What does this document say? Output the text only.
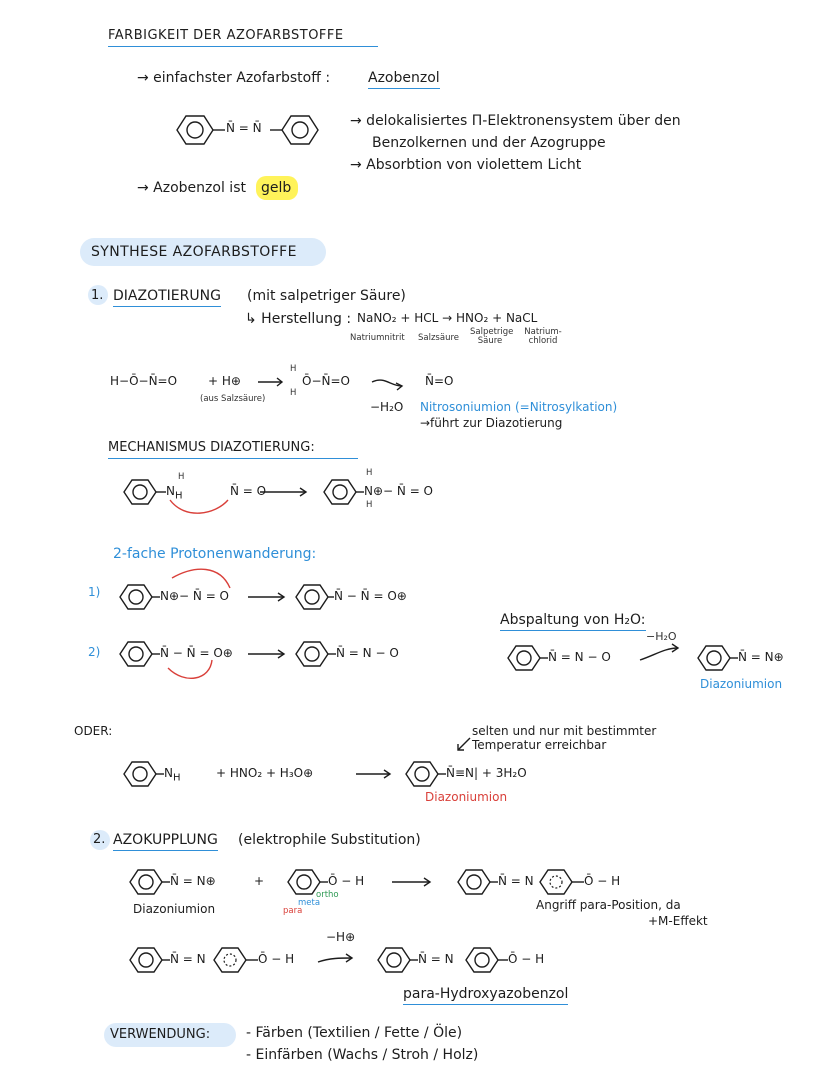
FARBIGKEIT DER AZOFARBSTOFFE
→ einfachster Azofarbstoff :	Azobenzol
N̄ = N̄	→ delokalisiertes Π-Elektronensystem über den
Benzolkernen und der Azogruppe
→ Absorbtion von violettem Licht
→ Azobenzol ist gelb
SYNTHESE AZOFARBSTOFFE
1. DIAZOTIERUNG (mit salpetriger Säure)
↳ Herstellung : NaNO₂ + HCL → HNO₂ + NaCL
Natriumnitrit Salzsäure
Salpetrige Säure
Natrium-chlorid
H−Ō−N̄=O	+ H⊕
(aus Salzsäure)
H
H
Ō−N̄=O
−H₂O
N̄=O
Nitrosoniumion (=Nitrosylkation)
→führt zur Diazotierung
MECHANISMUS DIAZOTIERUNG:
$N_H$
H
N̄ = O
H
H
N⊕− N̄ = O
2-fache Protonenwanderung:
1)
2)
N⊕− N̄ = O	N̄ − N̄ = O⊕
N̄ − N̄ = O⊕	N̄ = N − O
Abspaltung von H₂O:
−H₂O
N̄ = N − O	N̄ = N⊕
Diazoniumion
ODER:
$N_H$	+ HNO₂ + H₃O⊕
selten und nur mit bestimmter
Temperatur erreichbar
N̄≡N| + 3H₂O
Diazoniumion
2. AZOKUPPLUNG (elektrophile Substitution)
N̄ = N⊕	+	Ō − H
ortho
meta
para
Diazoniumion
N̄ = N	Ō − H
Angriff para-Position, da
+M-Effekt
N̄ = N	Ō − H
−H⊕
N̄ = N	Ō − H
para-Hydroxyazobenzol
VERWENDUNG:	- Färben (Textilien / Fette / Öle)
- Einfärben (Wachs / Stroh / Holz)
